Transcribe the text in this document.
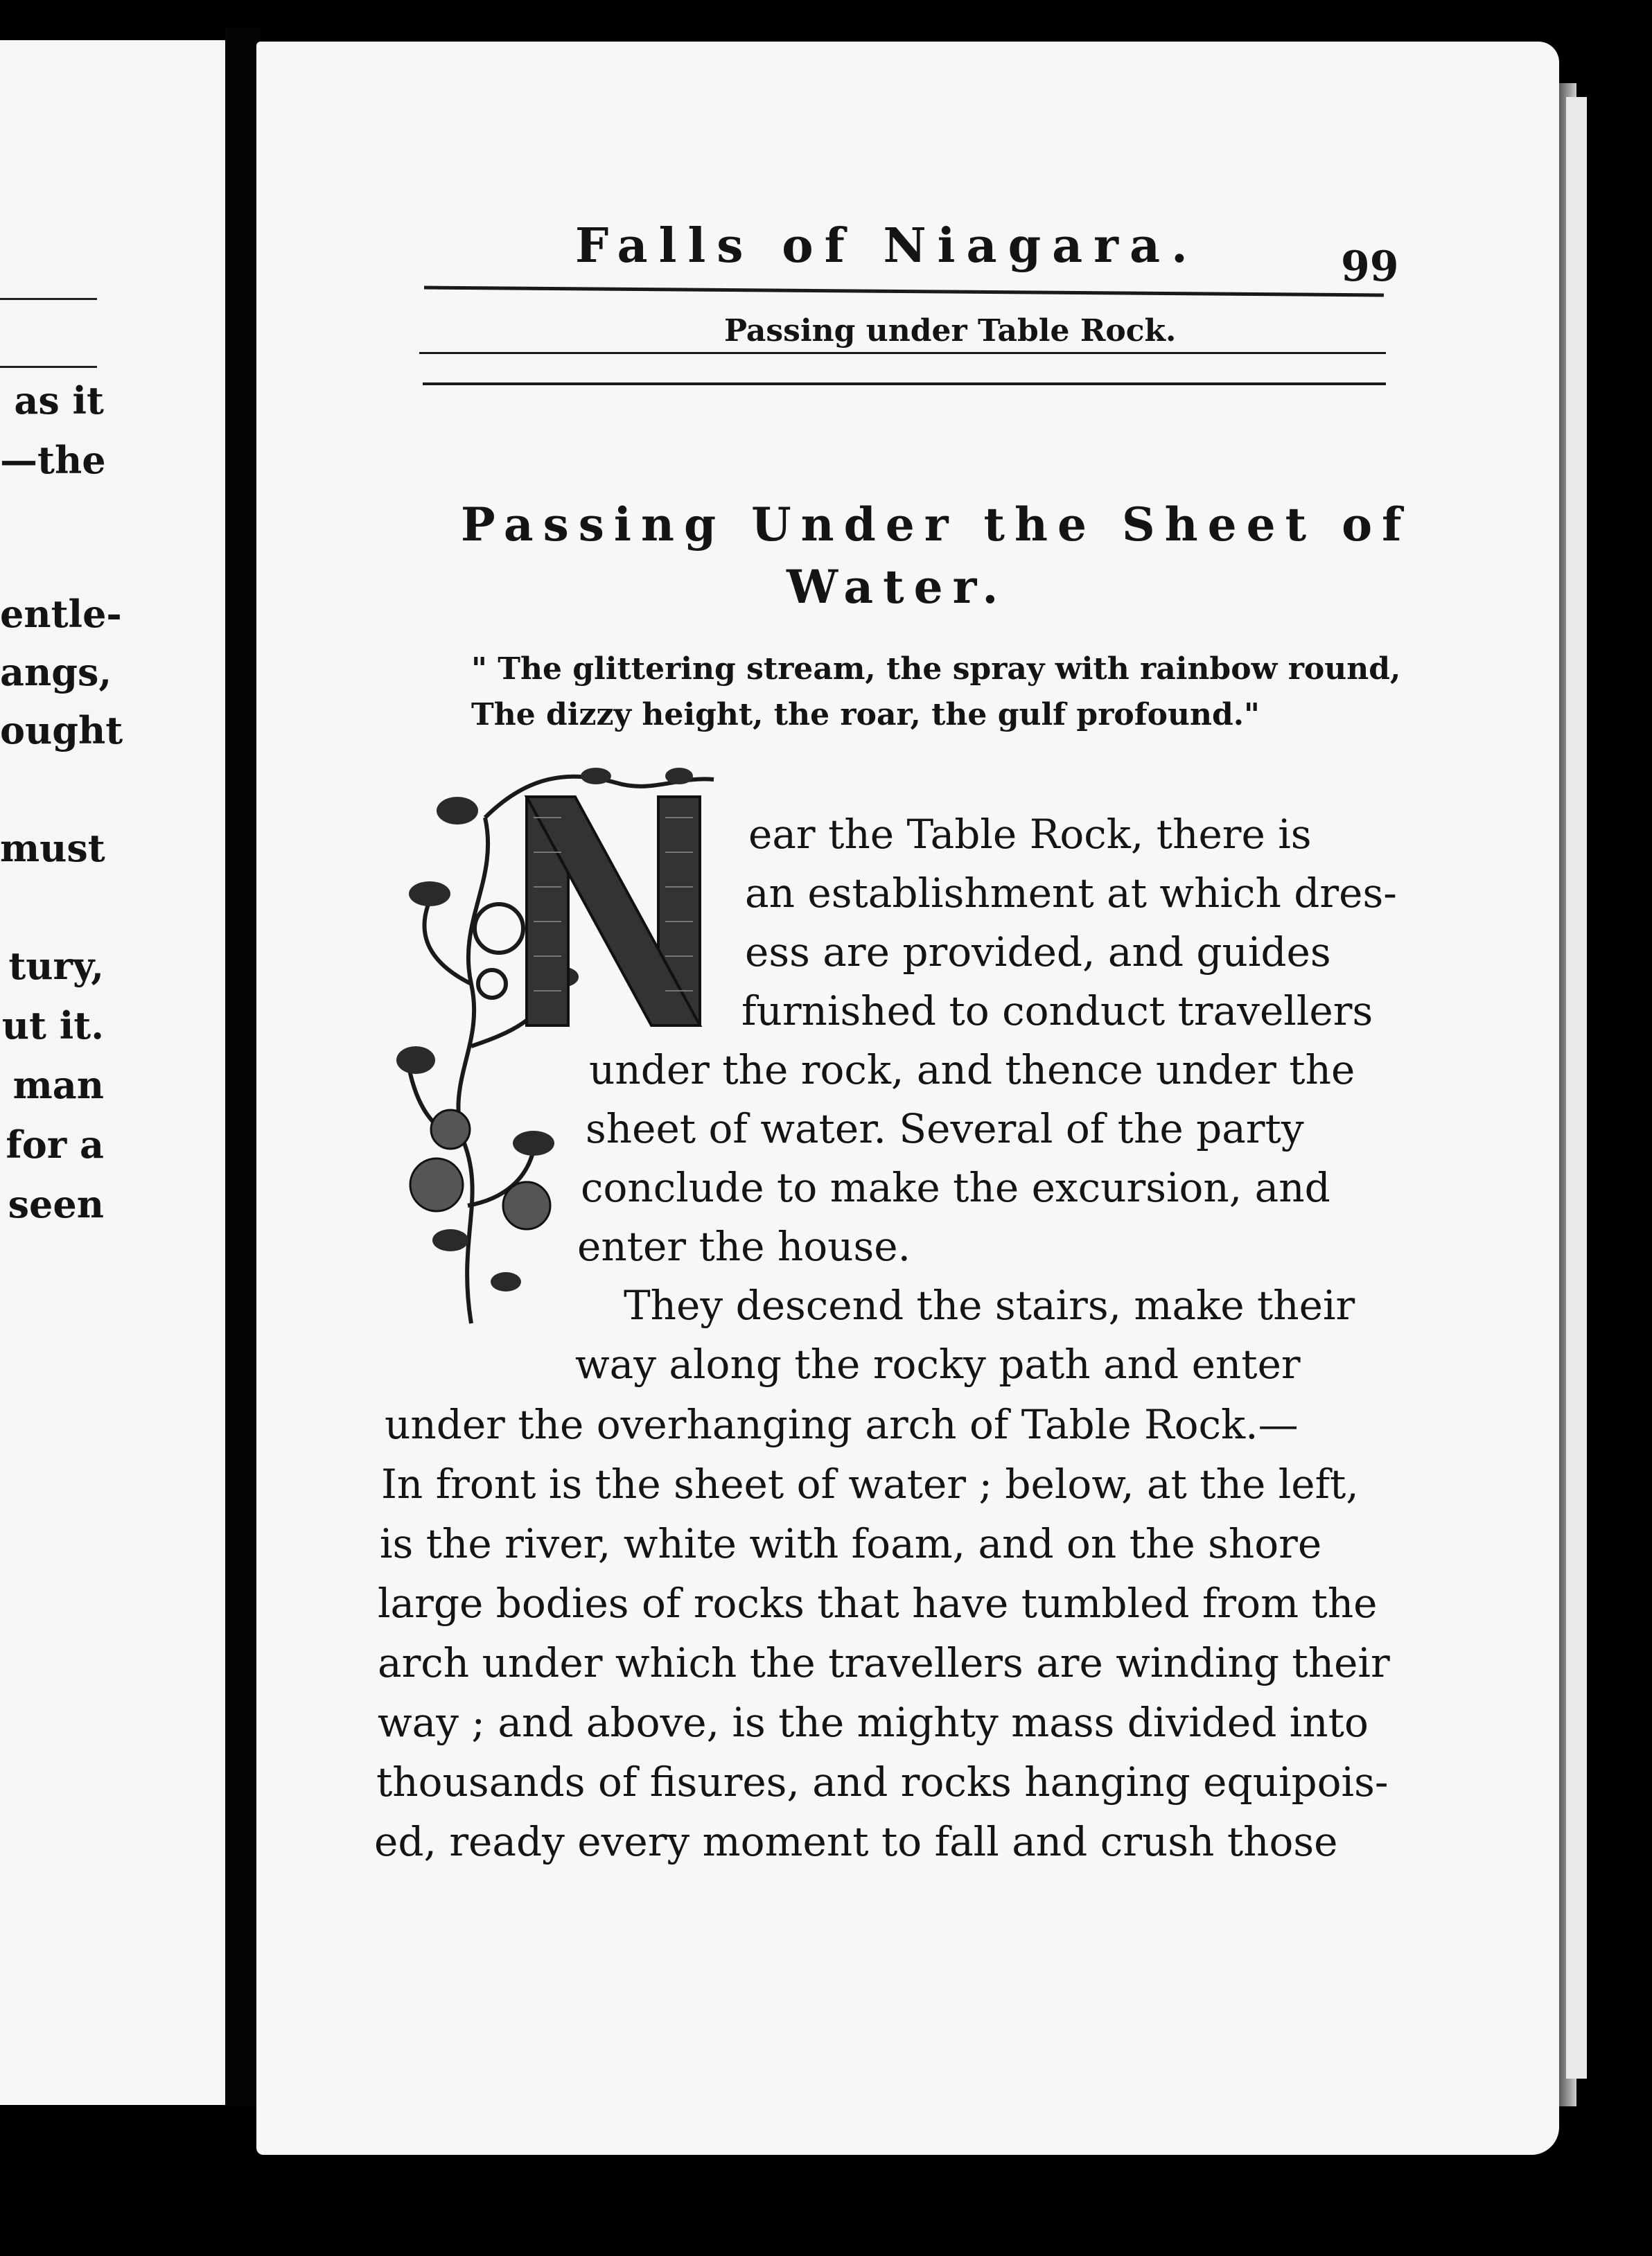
as it
—the
entle-
angs,
ought
must
tury,
ut it.
man
for a
seen
Falls of Niagara.	99
Passing under Table Rock.
Passing Under the Sheet of
Water.
" The glittering stream, the spray with rainbow round,
The dizzy height, the roar, the gulf profound."
ear the Table Rock, there is
an establishment at which dres-
ess are provided, and guides
furnished to conduct travellers
under the rock, and thence under the
sheet of water. Several of the party
conclude to make the excursion, and
enter the house.
They descend the stairs, make their
way along the rocky path and enter
under the overhanging arch of Table Rock.—
In front is the sheet of water ; below, at the left,
is the river, white with foam, and on the shore
large bodies of rocks that have tumbled from the
arch under which the travellers are winding their
way ; and above, is the mighty mass divided into
thousands of fisures, and rocks hanging equipois-
ed, ready every moment to fall and crush those
